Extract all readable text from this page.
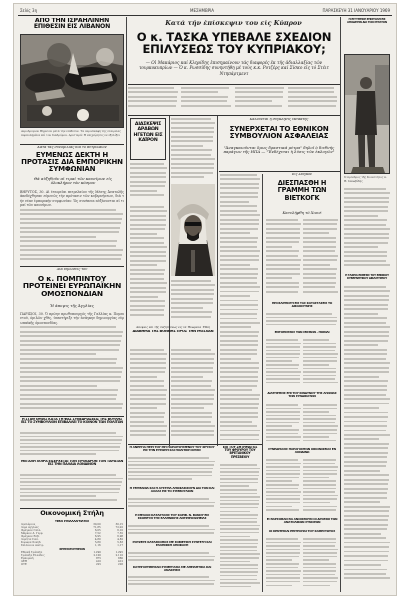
Σελίς 3η	ΜΕΣΗΜΒΡΙΑ	ΠΑΡΑΣΚΕΥΗ 31 ΙΑΝΟΥΑΡΙΟΥ 1969
ΑΠΟ ΤΗΝ ΙΣΡΑΗΛΙΝΗΝ ΕΠΙΘΕΣΙΝ ΕΙΣ ΛΙΒΑΝΟΝ
Αεροδρόμιον Βηρυτού μετά την επίθεσιν. Τα αεροσκάφη της εταιρείας πυρπολημένα επί του διαδρόμου. Αριστερά: Η επιχείρησις εν εξελίξει
Κατά τάς συνομιλίας διά τό πετρέλαιον
ΕΥΜΕΝΩΣ ΔΕΚΤΗ Η ΠΡΟΤΑΣΙΣ ΔΙΑ ΕΜΠΟΡΙΚΗΝ ΣΥΜΦΩΝΙΑΝ
Θά αὐξηθοῦν αἱ τιμαί τῶν καυσίμων εἰς ὁλοκλήρον τόν κόσμον
ΒΗΡΥΤΟΣ, 30. Αἱ ἐταιρεῖαι πετρελαίου τῆς Μέσης Ἀνατολῆς ἀπεδέχθησαν εὐμενῶς τήν πρότασιν τῶν κυβερνήσεων, διά τήν νέαν ἐμπορικήν συμφωνίαν. Ὡς συνέπεια αὐξάνονται αἱ τιμαί τῶν καυσίμων.
Διά δηλώσεις του
Ο κ. ΠΟΜΠΙΝΤΟΥ ΠΡΟΤΕΙΝΕΙ ΕΥΡΩΠΑΪΚΗΝ ΟΜΟΣΠΟΝΔΙΑΝ
Ἡ ἄποψις τῆς Ἀγγλίας
ΠΑΡΙΣΙΟΙ, 30. Ὁ πρώην πρωθυπουργός τῆς Γαλλίας κ. Πομπιντού, ὁμιλῶν χθές, ὑπεστήριξε τήν ἀνάγκην δημιουργίας εὐρωπαϊκῆς ὁμοσπονδίας.
Η ΣΤΑΘ ΟΜΙΛΣ ΚΑΤΑ ΤΗ ΦΑΣ ΣΥΝΕΔΡΙΑΣΕΩΣ ΤΗΣ ΒΟΥΛΗΣ ΕΙΣ ΤΟ ΣΥΜΒΟΥΛΙΟΝ ΕΠΙΒΑΛΛΕΙ ΤΟ ΚΟΙΝΟΝ ΤΩΝ ΠΟΛΙΤΩΝ
ΜΕΓΑΛΗ ΧΟΙΡΑ ΕΙΣΕΡΧΕΤΑΙ ΤΟΝ ΠΡΟΕΔΡΟΝ ΤΟΝ ΤΑΡΑΞΑΝ ΕΙΣ ΤΗΝ ΠΑΛΑΙΑ ΛΟΝΔΙΝΟΝ
Οικονομική Στήλη
ΤΙΜΑΙ ΣΥΝΑΛΛΑΓΜΑΤΟΣ
Δολλάριον	30,00	30,15
Λίρα Αγγλίας	71,85	72,20
Φράγκον Γαλλ.	6,05	6,10
Μάρκον Δ. Γερμ.	7,52	7,55
Φράγκον Ελβ.	6,95	6,98
Λιρέττα Ιταλ.	4,80	4,82
Κορώνα Σουηδ.	5,80	5,83
Σελλίνιον Αυστρ.	1,16	1,17
ΧΡΗΜΑΤΙΣΤΗΡΙΟΝ
Εθνική Τράπεζα	1.290	1.295
Τράπεζα Ελλάδος	2.100	2.110
Εμπορική	875	880
ΔΕΗ	410	412
ΟΤΕ	225	226
Κατά τήν ἐπίσκεψιν του εἰς Κύπρον
Ο κ. ΤΑΣΚΑ ΥΠΕΒΑΛΕ ΣΧΕΔΙΟΝ ΕΠΙΛΥΣΕΩΣ ΤΟΥ ΚΥΠΡΙΑΚΟΥ;
— Οἱ Μακάριος καί Κληρίδης ἐπισημαίνουν τάς διαφορές ἐκ τῆς ἀδιαλλαξίας τῶν τουρκοκυπρίων — Ὁ κ. Ρωσσίδης συνηντήθη μέ τούς κ.κ. Ροτζέρς καί Σίσκο εἰς τό Στέιτ Ντηπάρτμεντ
ΔΙΑΣΚΕΨΙΣ ΑΡΑΒΩΝ ΗΓΕΤΩΝ ΕΙΣ ΚΑΪΡΟΝ
Ἀπόψεις ἐπί τῆς συζητήσεως εἰς τά Ἡνωμένα Ἔθνη
ΔΙΑΒΗΜΑ ΤΗΣ ΒΟΝΝΗΣ ΠΡΟΣ ΤΗΝ ΜΟΣΧΑΝ
Καλοῦνται ἡ σύγκλησις ἔκτακτης
ΣΥΝΕΡΧΕΤΑΙ ΤΟ ΕΘΝΙΚΟΝ ΣΥΜΒΟΥΛΙΟΝ ΑΣΦΑΛΕΙΑΣ
"Ἀναγκαιοῦνται ὅμως δραστικά μέτρα" δηλοῖ ὁ διεθνής παράγων τῆς ΗΠΑ — "Ἐνδέχεται ἡ λύσις τῶν ἐκλογῶν"
Εἰς Σαϊγκόν
ΔΙΕΣΠΑΣΘΗ Η ΓΡΑΜΜΗ ΤΩΝ ΒΙΕΤΚΟΓΚ
Κατελήφθη τό Χιουέ
Η ΕΓΓΥΗΤΙΚΗ ΕΠΙΣΤΟΛΗ ΕΙΣ ΑΠΟΔΕΙΞΙΝ ΔΙΑ ΤΟΝ ΣΤΡΑΤΟΝ
Ὁ πρόεδρος τῆς Κοινότητος κ. Θ. Ιακωβίδης
Η ΤΑΧΕΙΑ ΕΚΘΕΣΙΣ ΤΟΥ ΕΘΝΙΚΟΥ ΚΥΒΕΡΝΗΤΙΚΟΥ ΔΙΚΑΣΤΗΡΙΟΥ
Η ΑΝΕΡΓΙΑ ΠΕΡΙ ΤΟΥ ΜΗ ΠΑΡΑΙΤΟΥΜΕΝΟΥ ΤΟΥ ΧΡΥΣΟΥ ΕΙΣ ΤΗΝ ΕΥΡΩΠΗ ΚΑΙ ΠΟΛΙΤΙΚΗ ΚΡΙΣΙΣ
Η ΓΕΡΜΑΝΙΑ ΚΑΙ Η ΑΥΣΤΡΙΑ ΑΠΟΦΑΣΙΖΟΥΝ ΔΙΑ ΤΟΝ ΚΑΙ ΑΛΛΑΣ ΕΙΣ ΤΟ ΣΥΜΒΟΥΛΙΟΝ
Η ΜΕΛΛΟΙ ΚΑΤΑΣΤΑΣΙΣ ΤΟΥ ΚΑΡΙΒ. Ν. ΒΑΝΟΥ ΕΙΣ ΣΚΟΠΕΥΣΙ ΤΗΣ ΕΛΛΗΝΙΚΗΣ ΑΝΤΙΠΡΟΣΩΠΕΙΑΣ
ΡΟΤΖΕΡΣ ΚΑΤΑΣΚΟΠΟΣ ΜΕ ΣΟΒΙΕΤΙΚΗ ΣΥΝΤΕΞΗ ΚΑΙ ΕΛΛΗΝΙΚΗ ΑΠΟΦΑΣΗ
ΚΑΤΗΓΟΡΗΘΗΣΑΝ ΣΥΝΕΡΓΑΣΙΑ ΜΕ ΑΠΕΙΛΗΤΙΚΑ ΚΑΙ ΑΝΑΚΡΙΣΙΣ
ΕΠΙ ΤΟΥ ΖΗΤΗΜΑΤΟΣ ΤΟΥ ΦΡΟΥΡΟΥ ΤΟΥ ΒΡΕΤΑΝΙΚΟΥ ΠΡΕΣΒΕΙΟΥ
ΠΡΟΣΑΡΜΟΓΗ ΕΙΣ ΤΑΣ ΚΑΤΑΣΤΑΣΕΙΣ ΤΟ ΔΙΚΑΙΟΣΥΝΗΣ
ΕΝΤΟΠΙΣΜΟΣ ΤΩΝ ΜΙΣΘΩΝ - ΠΟΙΝΑΙ
ΔΙΑΤΗΡΗΣΙΣ ΕΠΙ ΤΟΥ ΚΙΝΔΥΝΟΥ ΤΗΣ ΑΓΩΝΙΑΣ ΤΩΝ ΣΥΝΔΙΚΑΤΩΝ
ΣΥΝΕΔΡΙΑΣΙΣ ΠΑΡΑΓΟΝΤΩΝ ΟΙΚΟΝΟΜΙΑΣ ΕΝ ΛΟΝΔΙΝΩ
ΕΙ ΘΑΡΣΟΒΑΝ ΘΑ ΑΝΟΙΧΘΟΥΝ ΟΙ ΔΡΟΜΟΙ ΤΩΝ ΑΝΑΤΟΛΙΚΩΝ ΣΥΝΟΡΩΝ
ΟΙ ΚΕΝΤΡΙΚΑΙ ΕΠΙΤΡΟΠΑΙ ΤΟΥ ΚΑΘΕΣΤΩΤΟΣ
